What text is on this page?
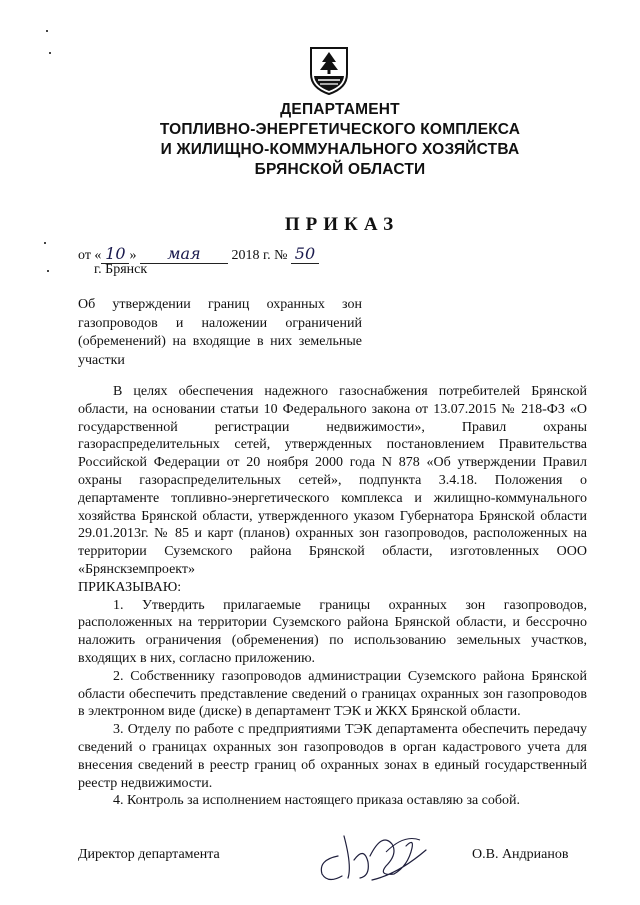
ДЕПАРТАМЕНТ
ТОПЛИВНО-ЭНЕРГЕТИЧЕСКОГО КОМПЛЕКСА
И ЖИЛИЩНО-КОММУНАЛЬНОГО ХОЗЯЙСТВА
БРЯНСКОЙ ОБЛАСТИ
ПРИКАЗ
от « 10 » мая 2018 г. № 50
г. Брянск
Об утверждении границ охранных зон газопроводов и наложении ограничений (обременений) на входящие в них земельные участки

В целях обеспечения надежного газоснабжения потребителей Брянской области, на основании статьи 10 Федерального закона от 13.07.2015 № 218-ФЗ «О государственной регистрации недвижимости», Правил охраны газораспределительных сетей, утвержденных постановлением Правительства Российской Федерации от 20 ноября 2000 года N 878 «Об утверждении Правил охраны газораспределительных сетей», подпункта 3.4.18. Положения о департаменте топливно-энергетического комплекса и жилищно-коммунального хозяйства Брянской области, утвержденного указом Губернатора Брянской области 29.01.2013г. № 85 и карт (планов) охранных зон газопроводов, расположенных на территории Суземского района Брянской области, изготовленных ООО «Брянскземпроект»

ПРИКАЗЫВАЮ:

1. Утвердить прилагаемые границы охранных зон газопроводов, расположенных на территории Суземского района Брянской области, и бессрочно наложить ограничения (обременения) по использованию земельных участков, входящих в них, согласно приложению.

2. Собственнику газопроводов администрации Суземского района Брянской области обеспечить представление сведений о границах охранных зон газопроводов в электронном виде (диске) в департамент ТЭК и ЖКХ Брянской области.

3. Отделу по работе с предприятиями ТЭК департамента обеспечить передачу сведений о границах охранных зон газопроводов в орган кадастрового учета для внесения сведений в реестр границ об охранных зонах в единый государственный реестр недвижимости.

4. Контроль за исполнением настоящего приказа оставляю за собой.

Директор департамента	О.В. Андрианов
